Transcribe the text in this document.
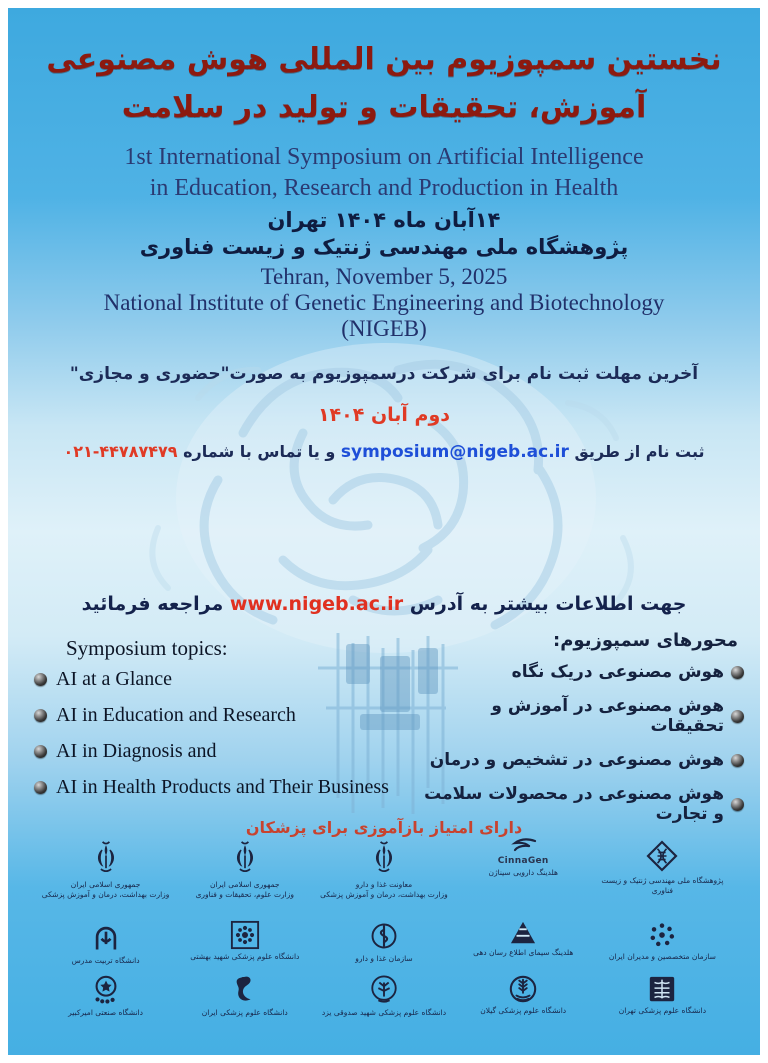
نخستین سمپوزیوم بین المللی هوش مصنوعی
آموزش، تحقیقات و تولید در سلامت
1st International Symposium on Artificial Intelligence
in Education, Research and Production in Health
۱۴آبان ماه ۱۴۰۴ تهران
پژوهشگاه ملی مهندسی ژنتیک و زیست فناوری
Tehran, November 5, 2025
National Institute of Genetic Engineering and Biotechnology
(NIGEB)
آخرین مهلت ثبت نام برای شرکت درسمپوزیوم به صورت"حضوری و مجازی"
دوم آبان ۱۴۰۴
ثبت نام از طریق symposium@nigeb.ac.ir و یا تماس با شماره ۰۲۱-۴۴۷۸۷۴۷۹
جهت اطلاعات بیشتر به آدرس www.nigeb.ac.ir مراجعه فرمائید
Symposium topics:
AI at a Glance
AI in Education and Research
AI in Diagnosis and
AI in Health Products and Their Business
محورهای سمپوزیوم:
هوش مصنوعی دریک نگاه
هوش مصنوعی در آموزش و تحقیقات
هوش مصنوعی در تشخیص و درمان
هوش مصنوعی در محصولات سلامت و تجارت
دارای امتیاز بازآموزی برای پزشکان
جمهوری اسلامی ایران
وزارت بهداشت، درمان و آموزش پزشکی
جمهوری اسلامی ایران
وزارت علوم، تحقیقات و فناوری
معاونت غذا و دارو
وزارت بهداشت، درمان و آموزش پزشکی
CinnaGen
هلدینگ دارویی سیناژن
پژوهشگاه ملی مهندسی ژنتیک و زیست فناوری
دانشگاه تربیت مدرس	دانشگاه علوم پزشکی شهید بهشتی	سازمان غذا و دارو
هلدینگ سیمای اطلاع رسان دهی	سازمان متخصصین و مدیران ایران
دانشگاه صنعتی امیرکبیر	دانشگاه علوم پزشکی ایران	دانشگاه علوم پزشکی شهید صدوقی یزد	دانشگاه علوم پزشکی گیلان	دانشگاه علوم پزشکی تهران
